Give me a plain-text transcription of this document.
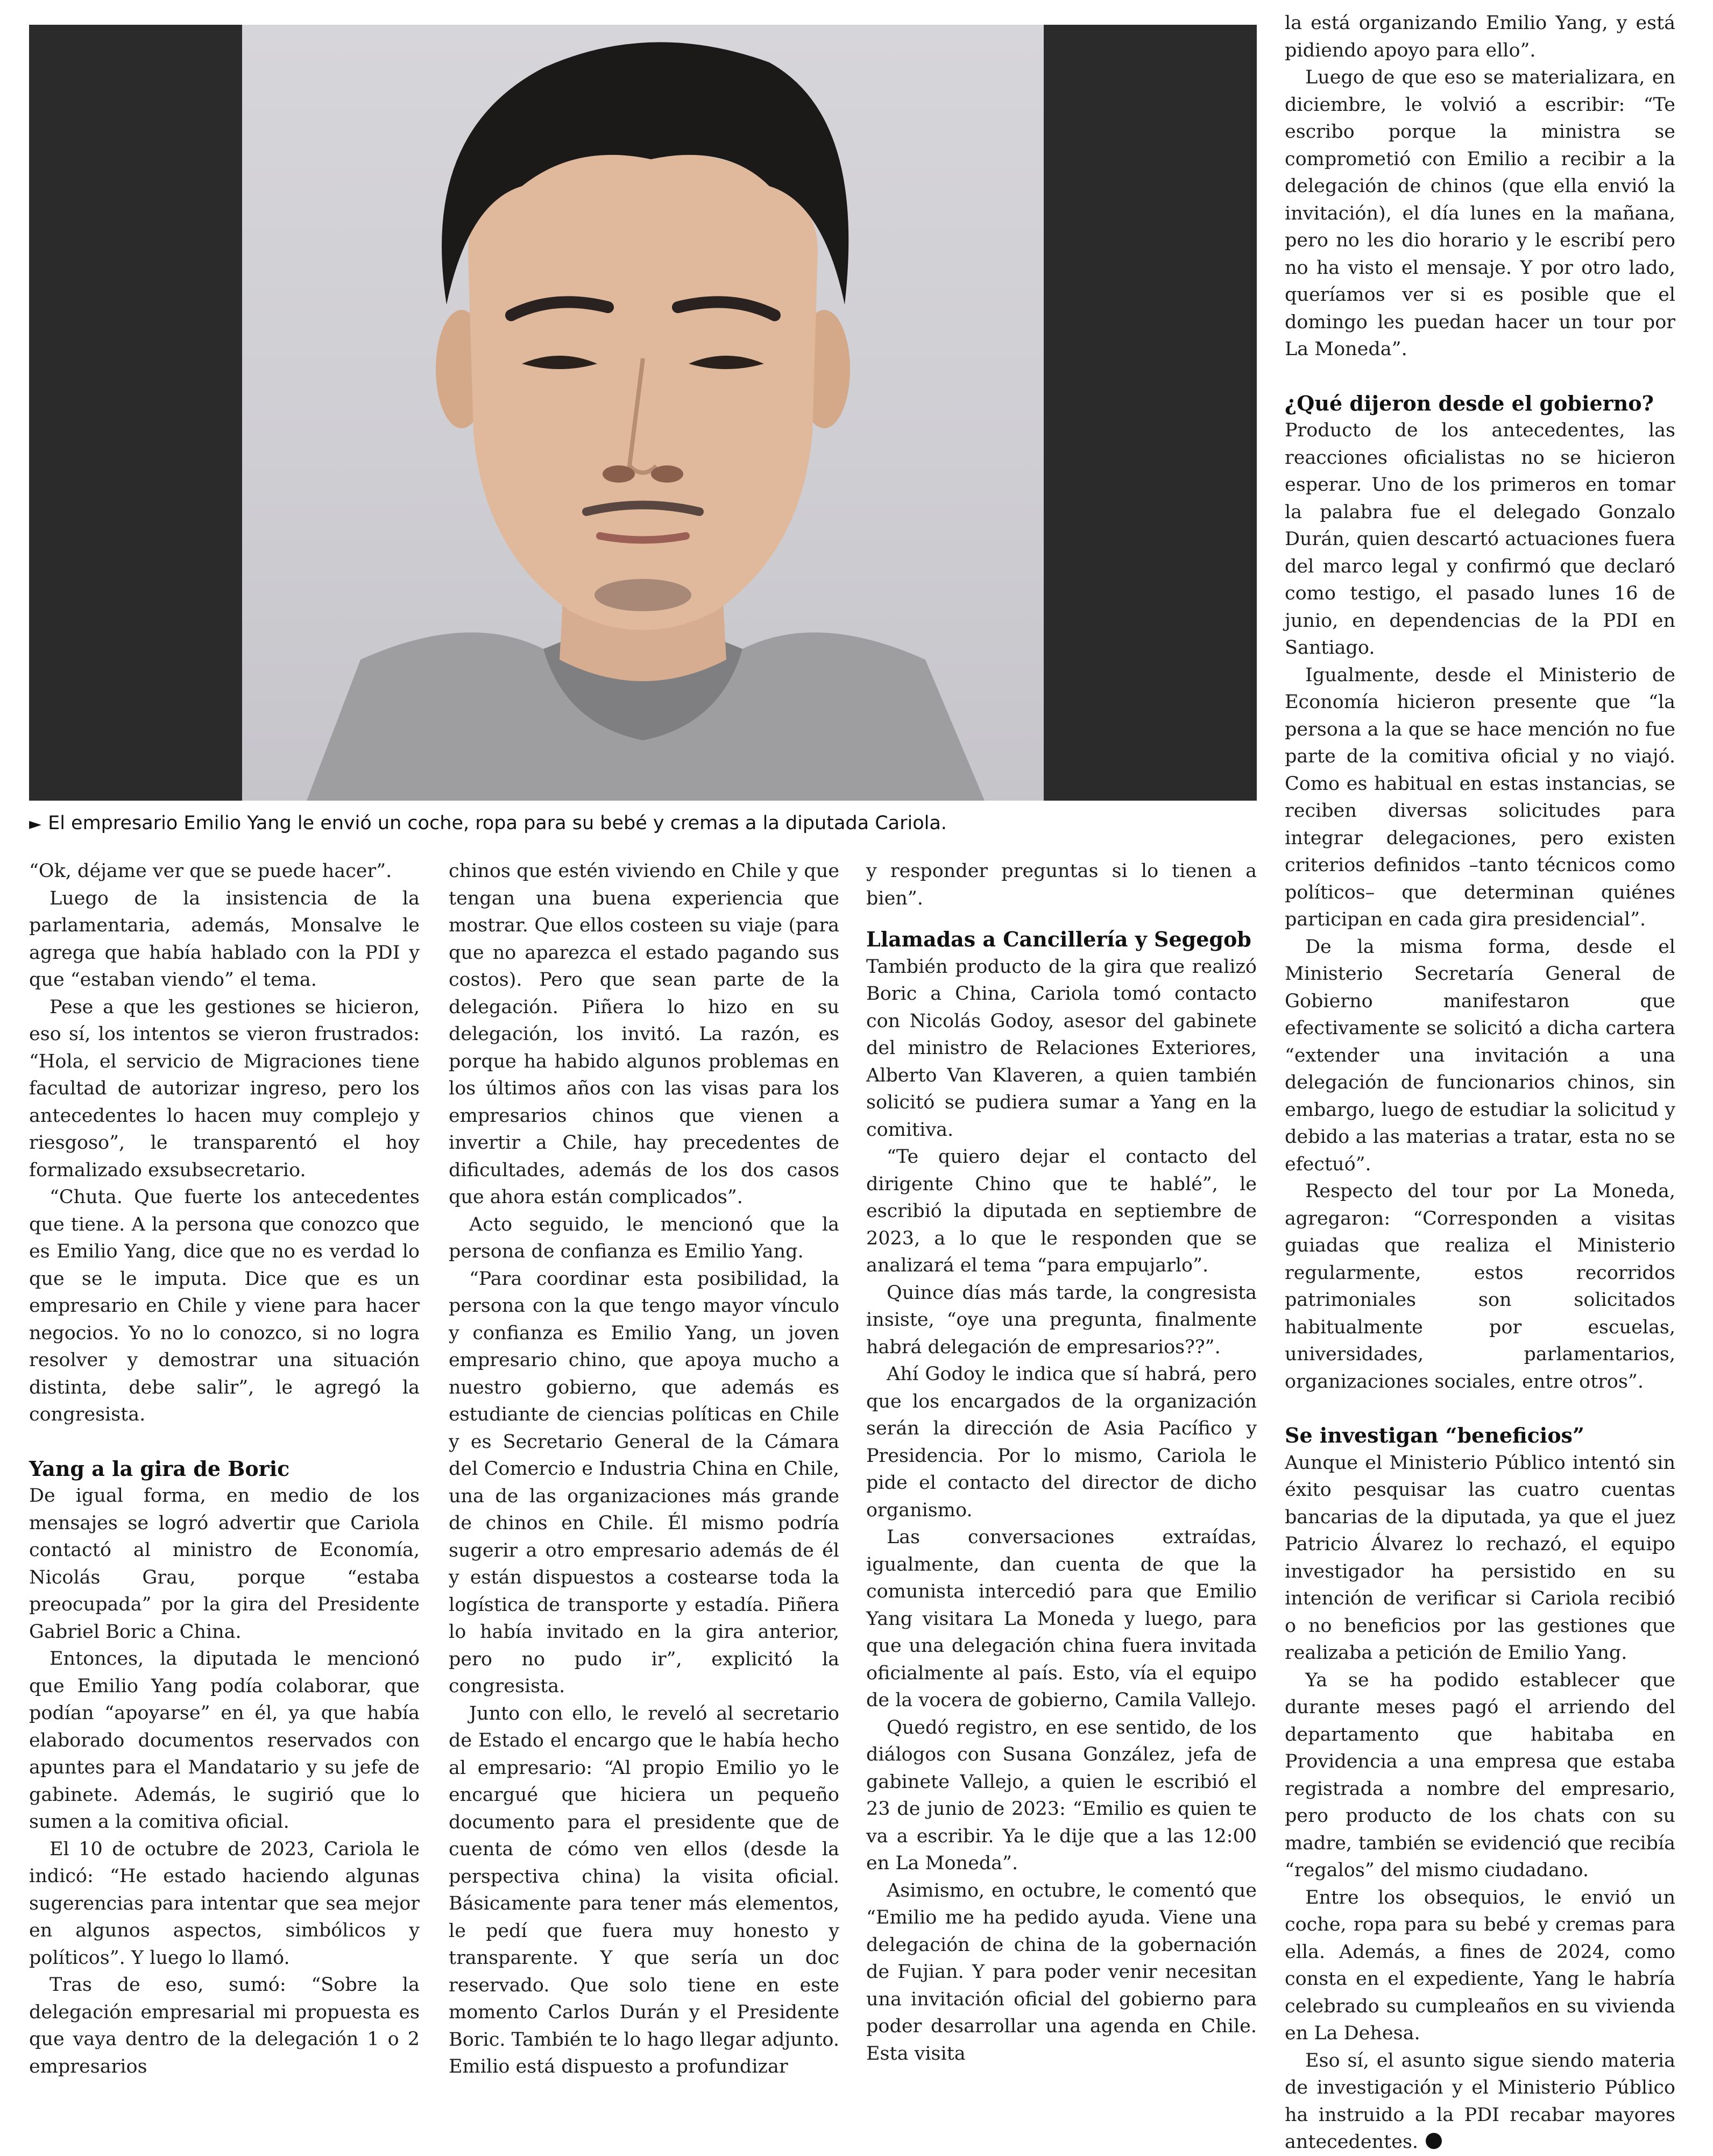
► El empresario Emilio Yang le envió un coche, ropa para su bebé y cremas a la diputada Cariola.

“Ok, déjame ver que se puede hacer”.

Luego de la insistencia de la parlamentaria, además, Monsalve le agrega que había hablado con la PDI y que “estaban viendo” el tema.

Pese a que les gestiones se hicieron, eso sí, los intentos se vieron frustrados: “Hola, el servicio de Migraciones tiene facultad de autorizar ingreso, pero los antecedentes lo hacen muy complejo y riesgoso”, le transparentó el hoy formalizado exsubsecretario.

“Chuta. Que fuerte los antecedentes que tiene. A la persona que conozco que es Emilio Yang, dice que no es verdad lo que se le imputa. Dice que es un empresario en Chile y viene para hacer negocios. Yo no lo conozco, si no logra resolver y demostrar una situación distinta, debe salir”, le agregó la congresista.

Yang a la gira de Boric

De igual forma, en medio de los mensajes se logró advertir que Cariola contactó al ministro de Economía, Nicolás Grau, porque “estaba preocupada” por la gira del Presidente Gabriel Boric a China.

Entonces, la diputada le mencionó que Emilio Yang podía colaborar, que podían “apoyarse” en él, ya que había elaborado documentos reservados con apuntes para el Mandatario y su jefe de gabinete. Además, le sugirió que lo sumen a la comitiva oficial.

El 10 de octubre de 2023, Cariola le indicó: “He estado haciendo algunas sugerencias para intentar que sea mejor en algunos aspectos, simbólicos y políticos”. Y luego lo llamó.

Tras de eso, sumó: “Sobre la delegación empresarial mi propuesta es que vaya dentro de la delegación 1 o 2 empresarios

chinos que estén viviendo en Chile y que tengan una buena experiencia que mostrar. Que ellos costeen su viaje (para que no aparezca el estado pagando sus costos). Pero que sean parte de la delegación. Piñera lo hizo en su delegación, los invitó. La razón, es porque ha habido algunos problemas en los últimos años con las visas para los empresarios chinos que vienen a invertir a Chile, hay precedentes de dificultades, además de los dos casos que ahora están complicados”.

Acto seguido, le mencionó que la persona de confianza es Emilio Yang.

“Para coordinar esta posibilidad, la persona con la que tengo mayor vínculo y confianza es Emilio Yang, un joven empresario chino, que apoya mucho a nuestro gobierno, que además es estudiante de ciencias políticas en Chile y es Secretario General de la Cámara del Comercio e Industria China en Chile, una de las organizaciones más grande de chinos en Chile. Él mismo podría sugerir a otro empresario además de él y están dispuestos a costearse toda la logística de transporte y estadía. Piñera lo había invitado en la gira anterior, pero no pudo ir”, explicitó la congresista.

Junto con ello, le reveló al secretario de Estado el encargo que le había hecho al empresario: “Al propio Emilio yo le encargué que hiciera un pequeño documento para el presidente que de cuenta de cómo ven ellos (desde la perspectiva china) la visita oficial. Básicamente para tener más elementos, le pedí que fuera muy honesto y transparente. Y que sería un doc reservado. Que solo tiene en este momento Carlos Durán y el Presidente Boric. También te lo hago llegar adjunto. Emilio está dispuesto a profundizar

y responder preguntas si lo tienen a bien”.

Llamadas a Cancillería y Segegob

También producto de la gira que realizó Boric a China, Cariola tomó contacto con Nicolás Godoy, asesor del gabinete del ministro de Relaciones Exteriores, Alberto Van Klaveren, a quien también solicitó se pudiera sumar a Yang en la comitiva.

“Te quiero dejar el contacto del dirigente Chino que te hablé”, le escribió la diputada en septiembre de 2023, a lo que le responden que se analizará el tema “para empujarlo”.

Quince días más tarde, la congresista insiste, “oye una pregunta, finalmente habrá delegación de empresarios??”.

Ahí Godoy le indica que sí habrá, pero que los encargados de la organización serán la dirección de Asia Pacífico y Presidencia. Por lo mismo, Cariola le pide el contacto del director de dicho organismo.

Las conversaciones extraídas, igualmente, dan cuenta de que la comunista intercedió para que Emilio Yang visitara La Moneda y luego, para que una delegación china fuera invitada oficialmente al país. Esto, vía el equipo de la vocera de gobierno, Camila Vallejo.

Quedó registro, en ese sentido, de los diálogos con Susana González, jefa de gabinete Vallejo, a quien le escribió el 23 de junio de 2023: “Emilio es quien te va a escribir. Ya le dije que a las 12:00 en La Moneda”.

Asimismo, en octubre, le comentó que “Emilio me ha pedido ayuda. Viene una delegación de china de la gobernación de Fujian. Y para poder venir necesitan una invitación oficial del gobierno para poder desarrollar una agenda en Chile. Esta visita

la está organizando Emilio Yang, y está pidiendo apoyo para ello”.

Luego de que eso se materializara, en diciembre, le volvió a escribir: “Te escribo porque la ministra se comprometió con Emilio a recibir a la delegación de chinos (que ella envió la invitación), el día lunes en la mañana, pero no les dio horario y le escribí pero no ha visto el mensaje. Y por otro lado, queríamos ver si es posible que el domingo les puedan hacer un tour por La Moneda”.

¿Qué dijeron desde el gobierno?

Producto de los antecedentes, las reacciones oficialistas no se hicieron esperar. Uno de los primeros en tomar la palabra fue el delegado Gonzalo Durán, quien descartó actuaciones fuera del marco legal y confirmó que declaró como testigo, el pasado lunes 16 de junio, en dependencias de la PDI en Santiago.

Igualmente, desde el Ministerio de Economía hicieron presente que “la persona a la que se hace mención no fue parte de la comitiva oficial y no viajó. Como es habitual en estas instancias, se reciben diversas solicitudes para integrar delegaciones, pero existen criterios definidos –tanto técnicos como políticos– que determinan quiénes participan en cada gira presidencial”.

De la misma forma, desde el Ministerio Secretaría General de Gobierno manifestaron que efectivamente se solicitó a dicha cartera “extender una invitación a una delegación de funcionarios chinos, sin embargo, luego de estudiar la solicitud y debido a las materias a tratar, esta no se efectuó”.

Respecto del tour por La Moneda, agregaron: “Corresponden a visitas guiadas que realiza el Ministerio regularmente, estos recorridos patrimoniales son solicitados habitualmente por escuelas, universidades, parlamentarios, organizaciones sociales, entre otros”.

Se investigan “beneficios”

Aunque el Ministerio Público intentó sin éxito pesquisar las cuatro cuentas bancarias de la diputada, ya que el juez Patricio Álvarez lo rechazó, el equipo investigador ha persistido en su intención de verificar si Cariola recibió o no beneficios por las gestiones que realizaba a petición de Emilio Yang.

Ya se ha podido establecer que durante meses pagó el arriendo del departamento que habitaba en Providencia a una empresa que estaba registrada a nombre del empresario, pero producto de los chats con su madre, también se evidenció que recibía “regalos” del mismo ciudadano.

Entre los obsequios, le envió un coche, ropa para su bebé y cremas para ella. Además, a fines de 2024, como consta en el expediente, Yang le habría celebrado su cumpleaños en su vivienda en La Dehesa.

Eso sí, el asunto sigue siendo materia de investigación y el Ministerio Público ha instruido a la PDI recabar mayores antecedentes.
